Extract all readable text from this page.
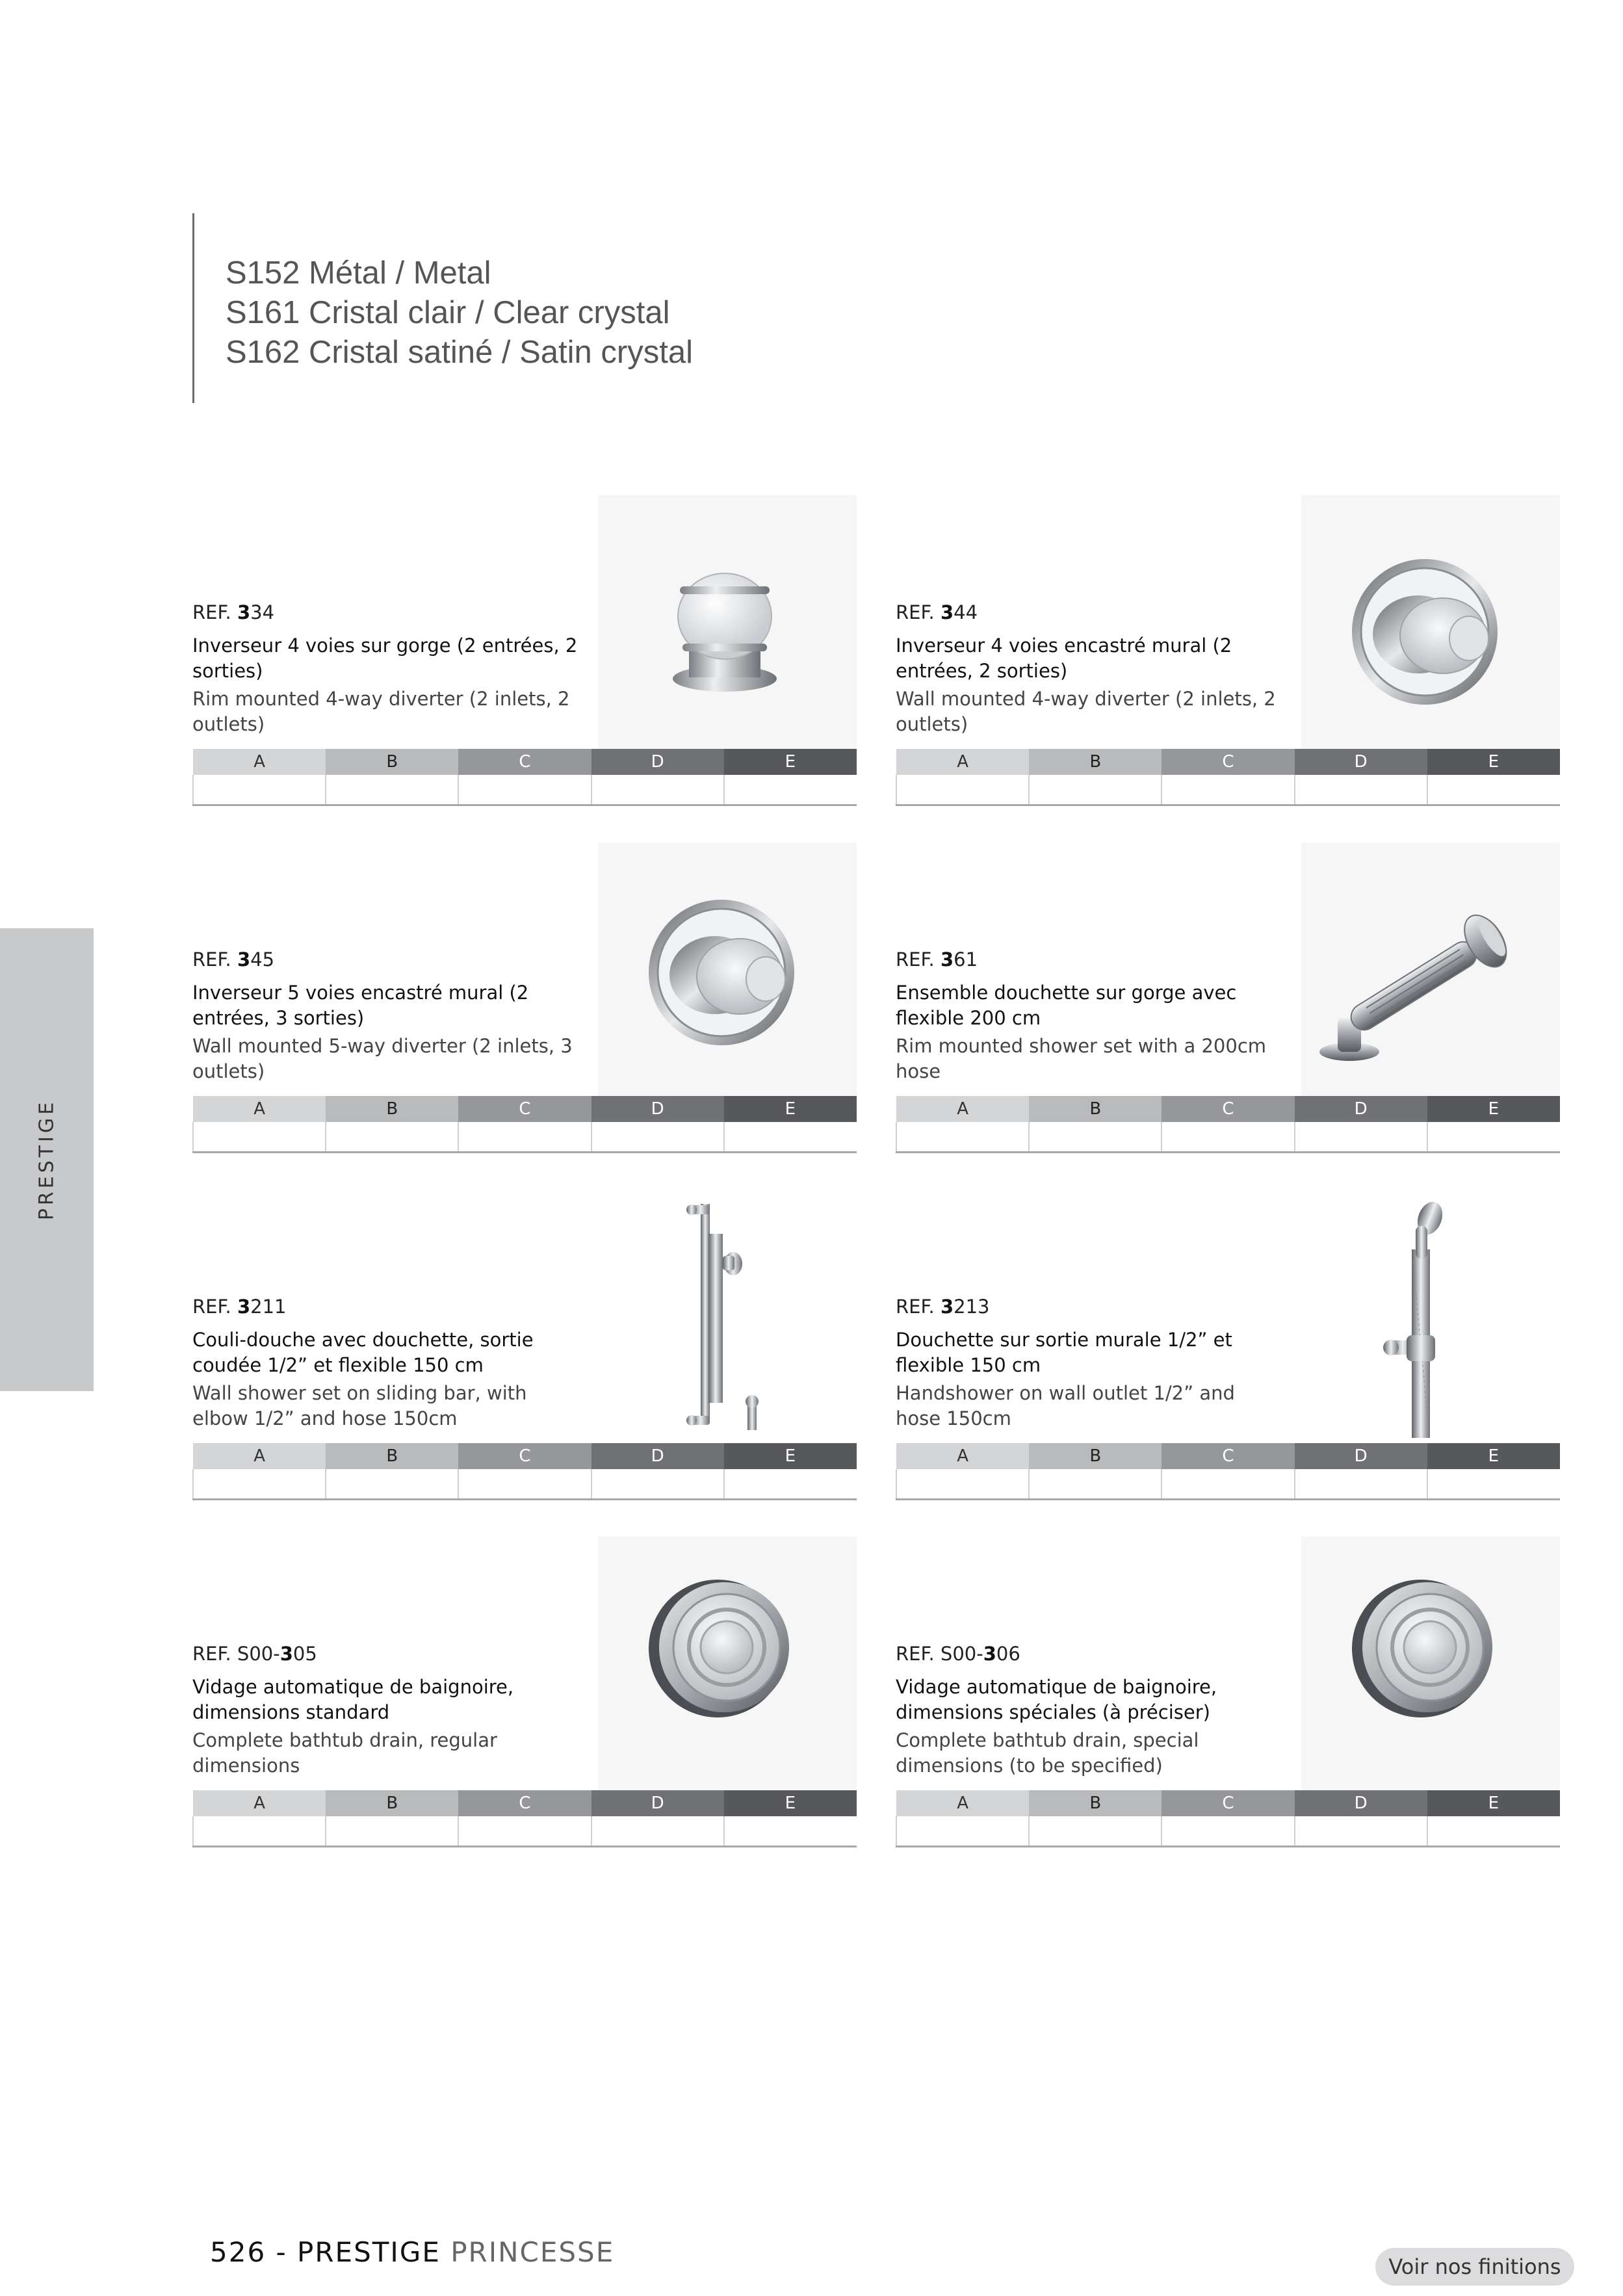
S152 Métal / Metal
S161 Cristal clair / Clear crystal
S162 Cristal satiné / Satin crystal
PRESTIGE
REF. 334
Inverseur 4 voies sur gorge (2 entrées, 2 sorties)
Rim mounted 4-way diverter (2 inlets, 2 outlets)
A	B	C	D	E

REF. 344
Inverseur 4 voies encastré mural (2 entrées, 2 sorties)
Wall mounted 4-way diverter (2 inlets, 2 outlets)
A	B	C	D	E

REF. 345
Inverseur 5 voies encastré mural (2 entrées, 3 sorties)
Wall mounted 5-way diverter (2 inlets, 3 outlets)
A	B	C	D	E

REF. 361
Ensemble douchette sur gorge avec flexible 200 cm
Rim mounted shower set with a 200cm hose
A	B	C	D	E

REF. 3211
Couli-douche avec douchette, sortie coudée 1/2” et flexible 150 cm
Wall shower set on sliding bar, with elbow 1/2” and hose 150cm
A	B	C	D	E

REF. 3213
Douchette sur sortie murale 1/2” et flexible 150 cm
Handshower on wall outlet 1/2” and hose 150cm
A	B	C	D	E

REF. S00-305
Vidage automatique de baignoire, dimensions standard
Complete bathtub drain, regular dimensions
A	B	C	D	E

REF. S00-306
Vidage automatique de baignoire, dimensions spéciales (à préciser)
Complete bathtub drain, special dimensions (to be specified)
A	B	C	D	E

526 - PRESTIGE PRINCESSE	Voir nos finitions
